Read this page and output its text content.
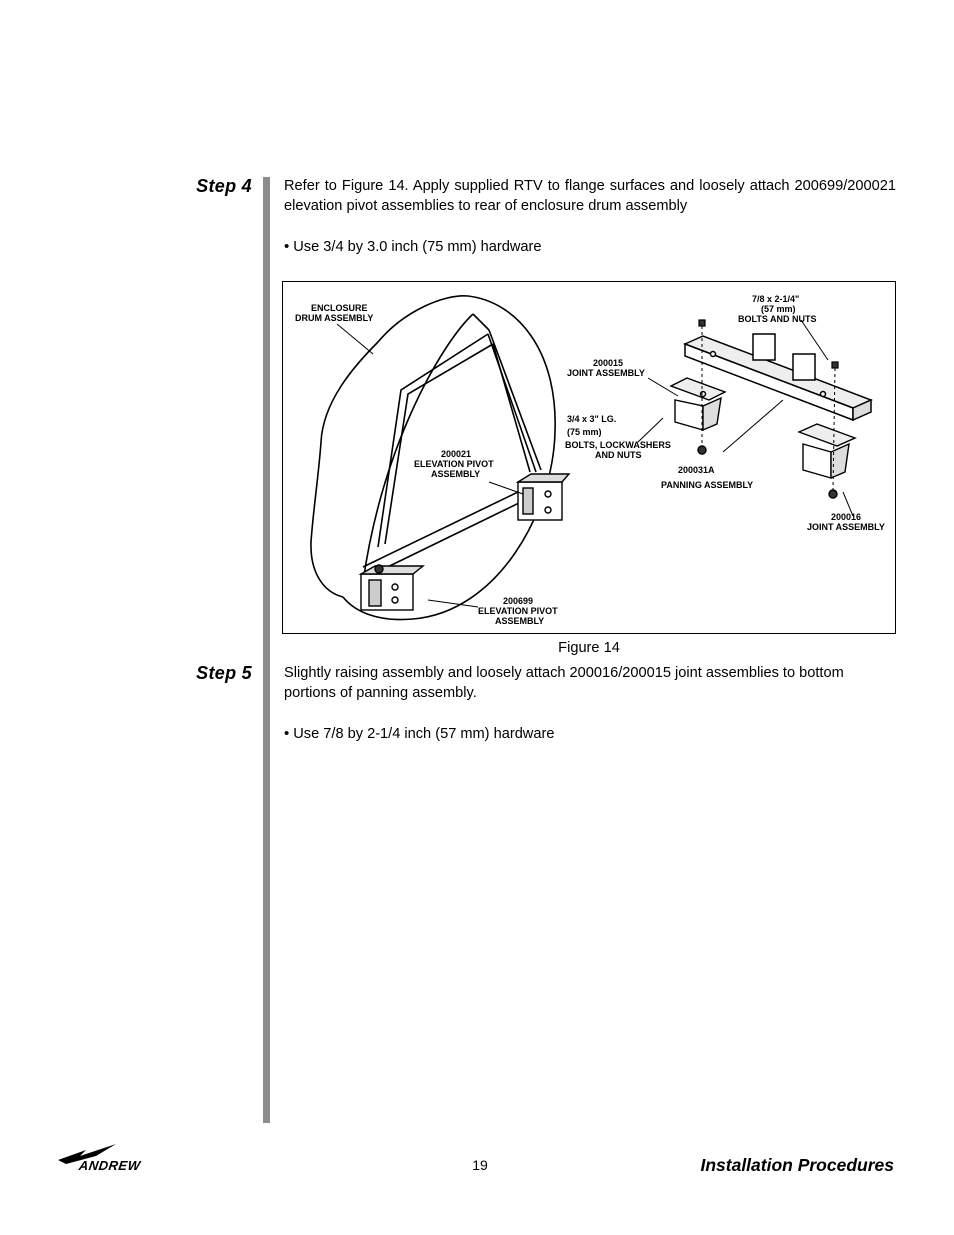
Step 4 Refer to Figure 14. Apply supplied RTV to flange surfaces and loosely attach 200699/200021 elevation pivot assemblies to rear of enclosure drum assembly
• Use 3/4 by 3.0 inch (75 mm) hardware
ENCLOSURE
DRUM ASSEMBLY
7/8 x 2-1/4"
(57 mm)
BOLTS AND NUTS
200015
JOINT ASSEMBLY
3/4 x 3" LG.
(75 mm)
BOLTS, LOCKWASHERS
AND NUTS
200021
ELEVATION PIVOT
ASSEMBLY	200031A
PANNING ASSEMBLY
200016
JOINT ASSEMBLY
200699
ELEVATION PIVOT
ASSEMBLY
Figure 14
Step 5 Slightly raising assembly and loosely attach 200016/200015 joint assemblies to bottom portions of panning assembly.
• Use 7/8 by 2-1/4 inch (57 mm) hardware
ANDREW	19	Installation Procedures
